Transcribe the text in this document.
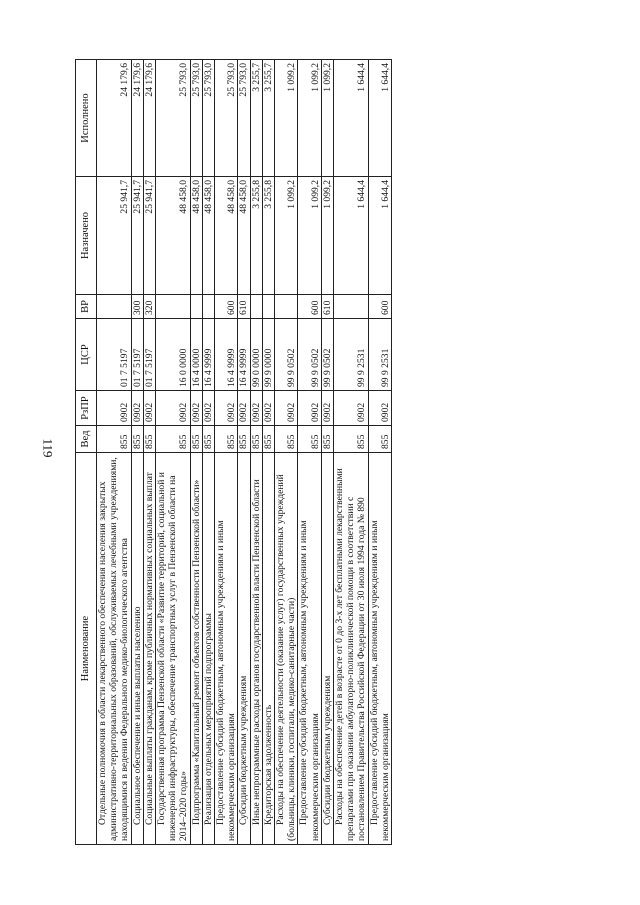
119
Наименование	Вед	РзПР	ЦСР	ВР	Назначено	Исполнено
Отдельные полномочия в области лекарственного обеспечения населения закрытых административно-территориальных образований, обслуживаемых лечебными учреждениями, находящимися в ведении Федерального медико-биологического агентства	855	0902	01 7 5197		25 941,7	24 179,6
Социальное обеспечение и иные выплаты населению	855	0902	01 7 5197	300	25 941,7	24 179,6
Социальные выплаты гражданам, кроме публичных нормативных социальных выплат	855	0902	01 7 5197	320	25 941,7	24 179,6
Государственная программа Пензенской области «Развитие территорий, социальной и инженерной инфраструктуры, обеспечение транспортных услуг в Пензенской области на 2014–2020 годы»	855	0902	16 0 0000		48 458,0	25 793,0
Подпрограмма «Капитальный ремонт объектов собственности Пензенской области»	855	0902	16 4 0000		48 458,0	25 793,0
Реализация отдельных мероприятий подпрограммы	855	0902	16 4 9999		48 458,0	25 793,0
Предоставление субсидий бюджетным, автономным учреждениям и иным некоммерческим организациям	855	0902	16 4 9999	600	48 458,0	25 793,0
Субсидии бюджетным учреждениям	855	0902	16 4 9999	610	48 458,0	25 793,0
Иные непрограммные расходы органов государственной власти Пензенской области	855	0902	99 0 0000		3 255,8	3 255,7
Кредиторская задолженность	855	0902	99 9 0000		3 255,8	3 255,7
Расходы на обеспечение деятельности (оказание услуг) государственных учреждений (больницы, клиники, госпитали, медико-санитарные части)	855	0902	99 9 0502		1 099,2	1 099,2
Предоставление субсидий бюджетным, автономным учреждениям и иным некоммерческим организациям	855	0902	99 9 0502	600	1 099,2	1 099,2
Субсидии бюджетным учреждениям	855	0902	99 9 0502	610	1 099,2	1 099,2
Расходы на обеспечение детей в возрасте от 0 до 3-х лет бесплатными лекарственными препаратами при оказании амбулаторно-поликлинической помощи в соответствии с постановлением Правительства Российской Федерации от 30 июля 1994 года № 890	855	0902	99 9 2531		1 644,4	1 644,4
Предоставление субсидий бюджетным, автономным учреждениям и иным некоммерческим организациям	855	0902	99 9 2531	600	1 644,4	1 644,4
